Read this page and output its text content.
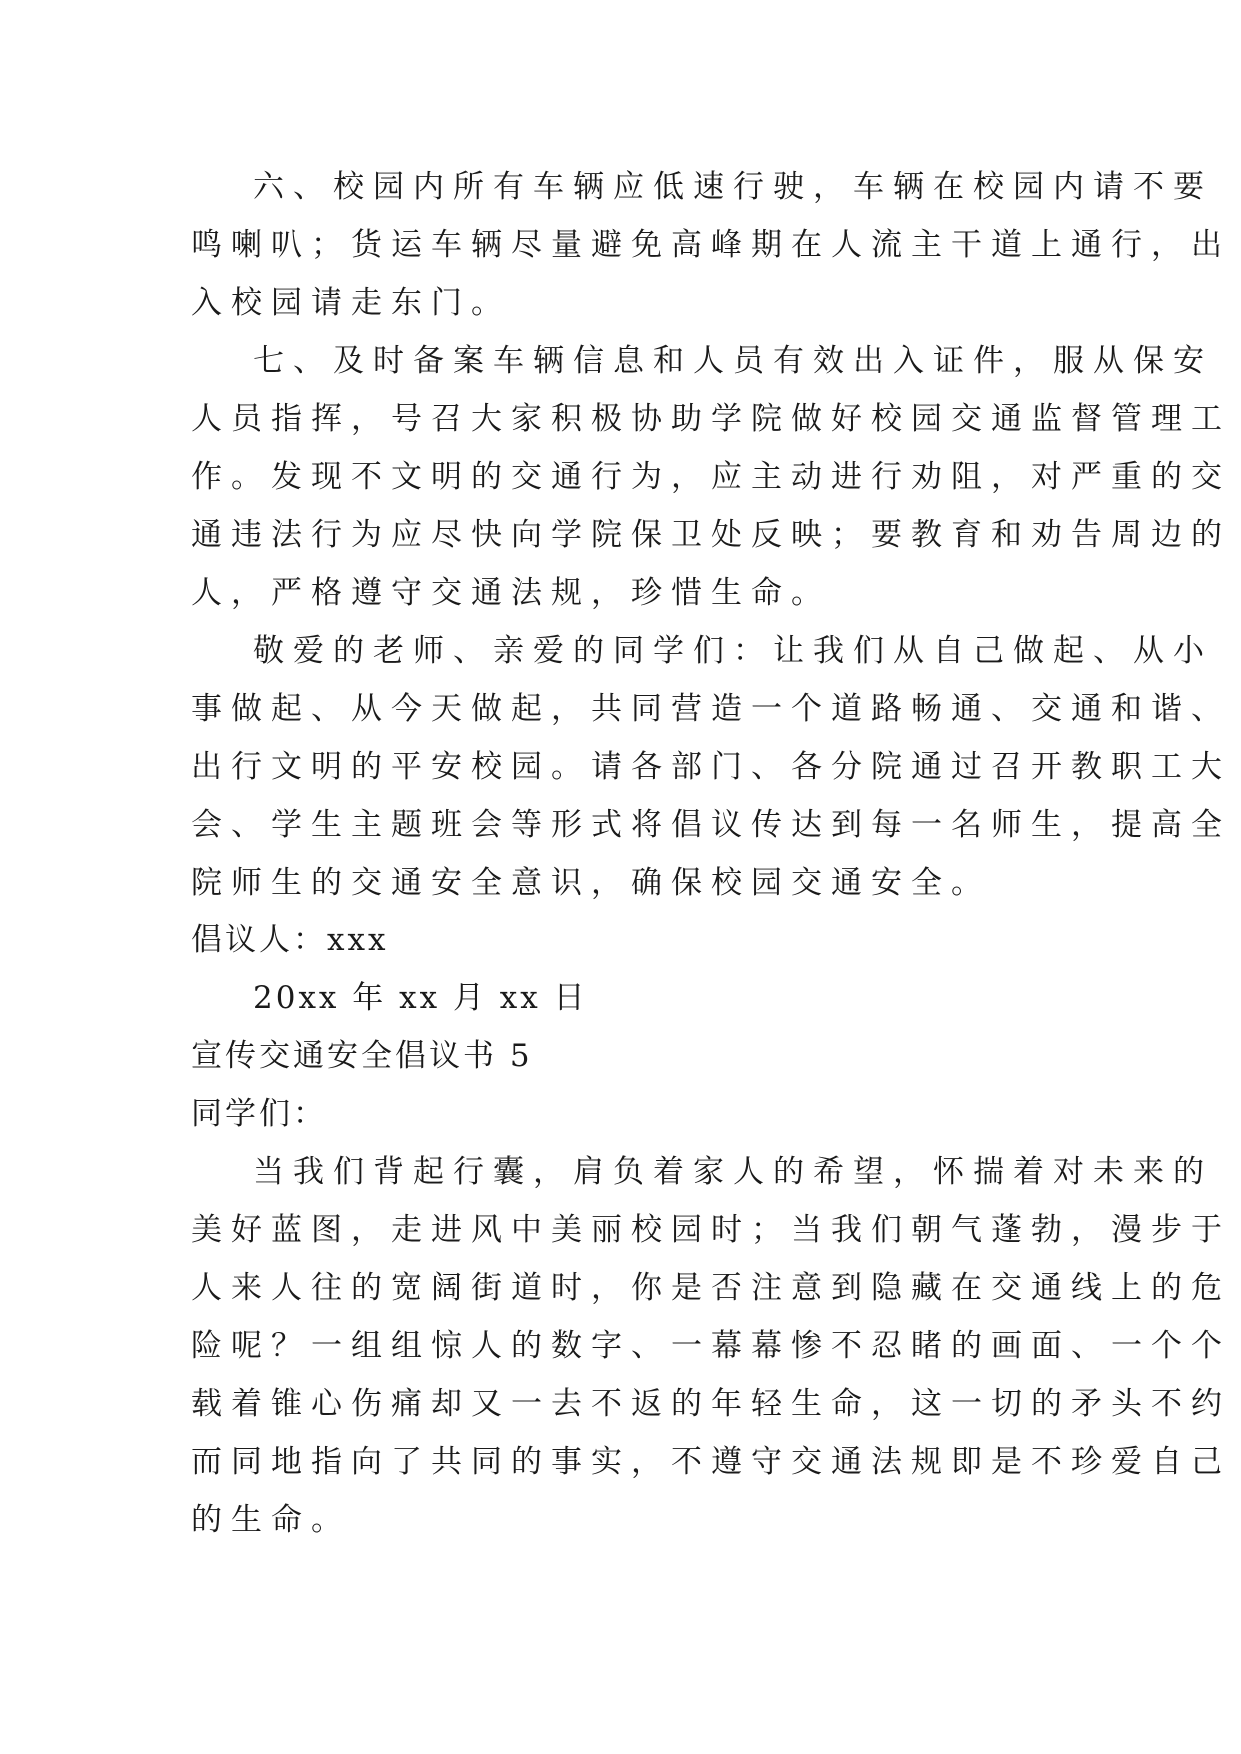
六、校园内所有车辆应低速行驶，车辆在校园内请不要
鸣喇叭；货运车辆尽量避免高峰期在人流主干道上通行，出
入校园请走东门。
七、及时备案车辆信息和人员有效出入证件，服从保安
人员指挥，号召大家积极协助学院做好校园交通监督管理工
作。发现不文明的交通行为，应主动进行劝阻，对严重的交
通违法行为应尽快向学院保卫处反映；要教育和劝告周边的
人，严格遵守交通法规，珍惜生命。
敬爱的老师、亲爱的同学们：让我们从自己做起、从小
事做起、从今天做起，共同营造一个道路畅通、交通和谐、
出行文明的平安校园。请各部门、各分院通过召开教职工大
会、学生主题班会等形式将倡议传达到每一名师生，提高全
院师生的交通安全意识，确保校园交通安全。
倡议人：xxx
20xx 年 xx 月 xx 日
宣传交通安全倡议书 5
同学们：
当我们背起行囊，肩负着家人的希望，怀揣着对未来的
美好蓝图，走进风中美丽校园时；当我们朝气蓬勃，漫步于
人来人往的宽阔街道时，你是否注意到隐藏在交通线上的危
险呢？一组组惊人的数字、一幕幕惨不忍睹的画面、一个个
载着锥心伤痛却又一去不返的年轻生命，这一切的矛头不约
而同地指向了共同的事实，不遵守交通法规即是不珍爱自己
的生命。
